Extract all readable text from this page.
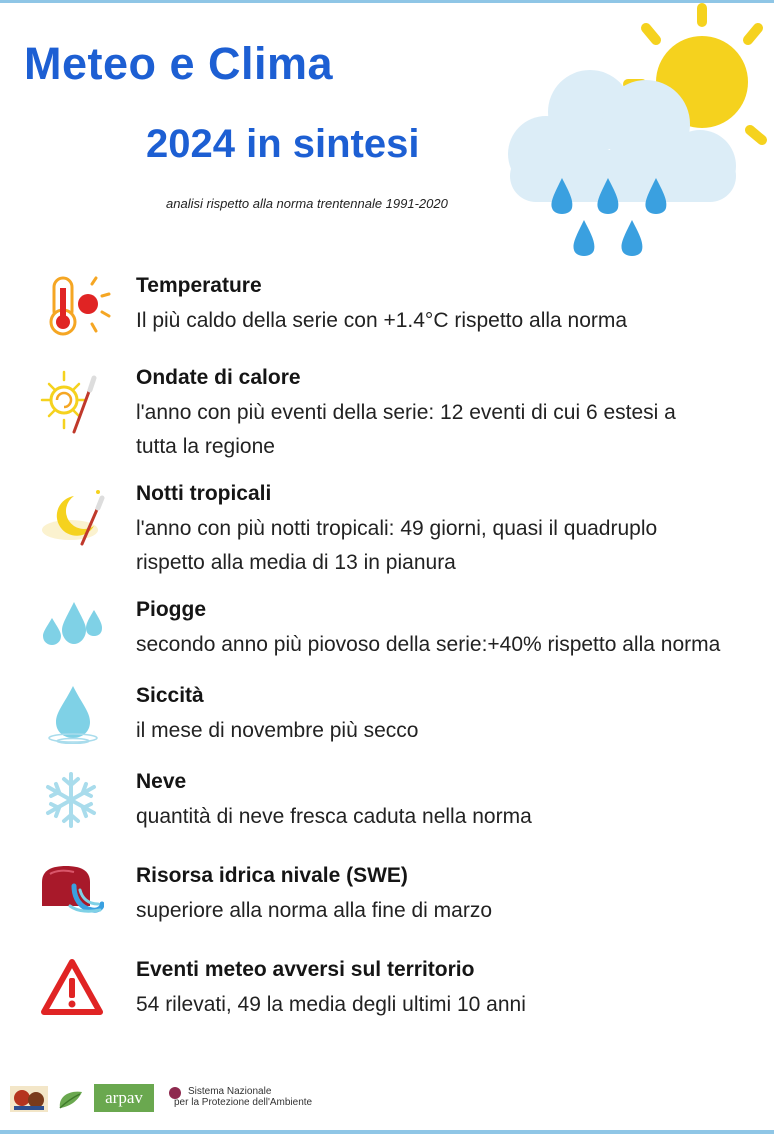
Meteo e Clima
2024 in sintesi
analisi rispetto alla norma trentennale 1991-2020
Temperature
Il più caldo della serie con +1.4°C rispetto alla norma
Ondate di calore
l'anno con più eventi della serie: 12 eventi di cui 6 estesi a
tutta la regione
Notti tropicali
l'anno con più notti tropicali: 49 giorni, quasi il quadruplo
rispetto alla media di 13 in pianura
Piogge
secondo anno più piovoso della serie:+40% rispetto alla norma
Siccità
il mese di novembre più secco
Neve
quantità di neve fresca caduta nella norma
Risorsa idrica nivale (SWE)
superiore alla norma alla fine di marzo
Eventi meteo avversi sul territorio
54 rilevati, 49 la media degli ultimi 10 anni
arpav	Sistema Nazionale
per la Protezione dell'Ambiente
